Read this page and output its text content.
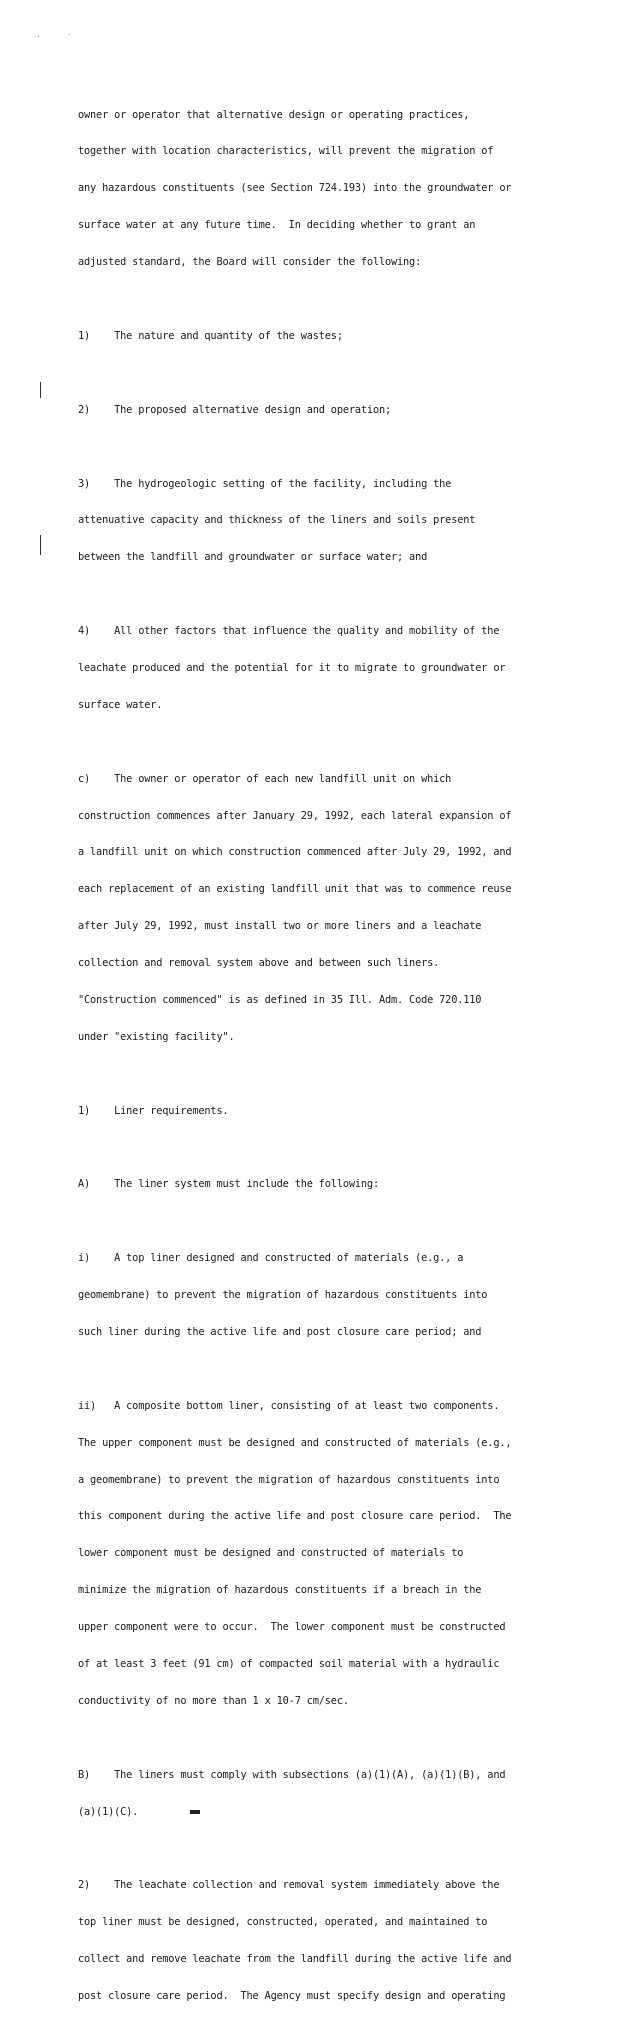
.	-

owner or operator that alternative design or operating practices,

together with location characteristics, will prevent the migration of

any hazardous constituents (see Section 724.193) into the groundwater or

surface water at any future time.  In deciding whether to grant an

adjusted standard, the Board will consider the following:

1)    The nature and quantity of the wastes;

2)    The proposed alternative design and operation;

3)    The hydrogeologic setting of the facility, including the

attenuative capacity and thickness of the liners and soils present

between the landfill and groundwater or surface water; and

4)    All other factors that influence the quality and mobility of the

leachate produced and the potential for it to migrate to groundwater or

surface water.

c)    The owner or operator of each new landfill unit on which

construction commences after January 29, 1992, each lateral expansion of

a landfill unit on which construction commenced after July 29, 1992, and

each replacement of an existing landfill unit that was to commence reuse

after July 29, 1992, must install two or more liners and a leachate

collection and removal system above and between such liners.

"Construction commenced" is as defined in 35 Ill. Adm. Code 720.110

under "existing facility".

1)    Liner requirements.

A)    The liner system must include the following:

i)    A top liner designed and constructed of materials (e.g., a

geomembrane) to prevent the migration of hazardous constituents into

such liner during the active life and post closure care period; and

ii)   A composite bottom liner, consisting of at least two components.

The upper component must be designed and constructed of materials (e.g.,

a geomembrane) to prevent the migration of hazardous constituents into

this component during the active life and post closure care period.  The

lower component must be designed and constructed of materials to

minimize the migration of hazardous constituents if a breach in the

upper component were to occur.  The lower component must be constructed

of at least 3 feet (91 cm) of compacted soil material with a hydraulic

conductivity of no more than 1 x 10-7 cm/sec.

B)    The liners must comply with subsections (a)(1)(A), (a)(1)(B), and

(a)(1)(C).

2)    The leachate collection and removal system immediately above the

top liner must be designed, constructed, operated, and maintained to

collect and remove leachate from the landfill during the active life and

post closure care period.  The Agency must specify design and operating
